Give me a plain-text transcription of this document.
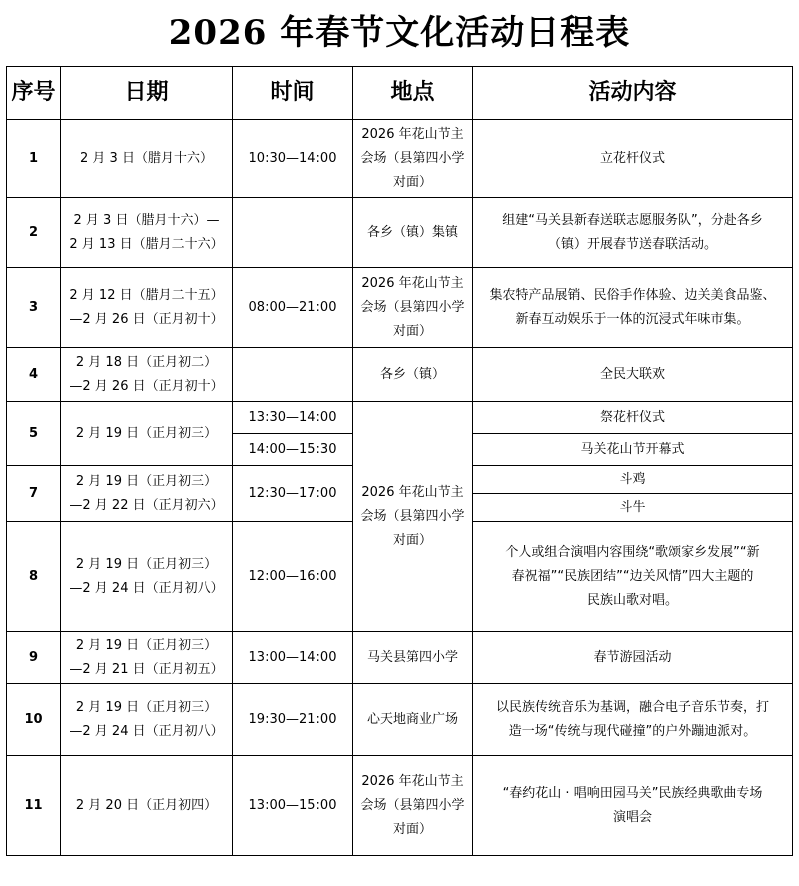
2026 年春节文化活动日程表
序号	日期	时间	地点	活动内容
1	2 月 3 日（腊月十六）	10:30—14:00	2026 年花山节主
会场（县第四小学
对面）	立花杆仪式
2	2 月 3 日（腊月十六）—
2 月 13 日（腊月二十六）		各乡（镇）集镇	组建“马关县新春送联志愿服务队”，分赴各乡
（镇）开展春节送春联活动。
3	2 月 12 日（腊月二十五）
—2 月 26 日（正月初十）	08:00—21:00	2026 年花山节主
会场（县第四小学
对面）	集农特产品展销、民俗手作体验、边关美食品鉴、
新春互动娱乐于一体的沉浸式年味市集。
4	2 月 18 日（正月初二）
—2 月 26 日（正月初十）		各乡（镇）	全民大联欢
5	2 月 19 日（正月初三）	13:30—14:00	2026 年花山节主
会场（县第四小学
对面）	祭花杆仪式
		14:00—15:30		马关花山节开幕式
7	2 月 19 日（正月初三）
—2 月 22 日（正月初六）	12:30—17:00		斗鸡
				斗牛
8	2 月 19 日（正月初三）
—2 月 24 日（正月初八）	12:00—16:00		个人或组合演唱内容围绕“歌颂家乡发展”“新
春祝福”“民族团结”“边关风情”四大主题的
民族山歌对唱。
9	2 月 19 日（正月初三）
—2 月 21 日（正月初五）	13:00—14:00	马关县第四小学	春节游园活动
10	2 月 19 日（正月初三）
—2 月 24 日（正月初八）	19:30—21:00	心天地商业广场	以民族传统音乐为基调，融合电子音乐节奏，打
造一场“传统与现代碰撞”的户外蹦迪派对。
11	2 月 20 日（正月初四）	13:00—15:00	2026 年花山节主
会场（县第四小学
对面）	“春约花山 · 唱响田园马关”民族经典歌曲专场
演唱会
